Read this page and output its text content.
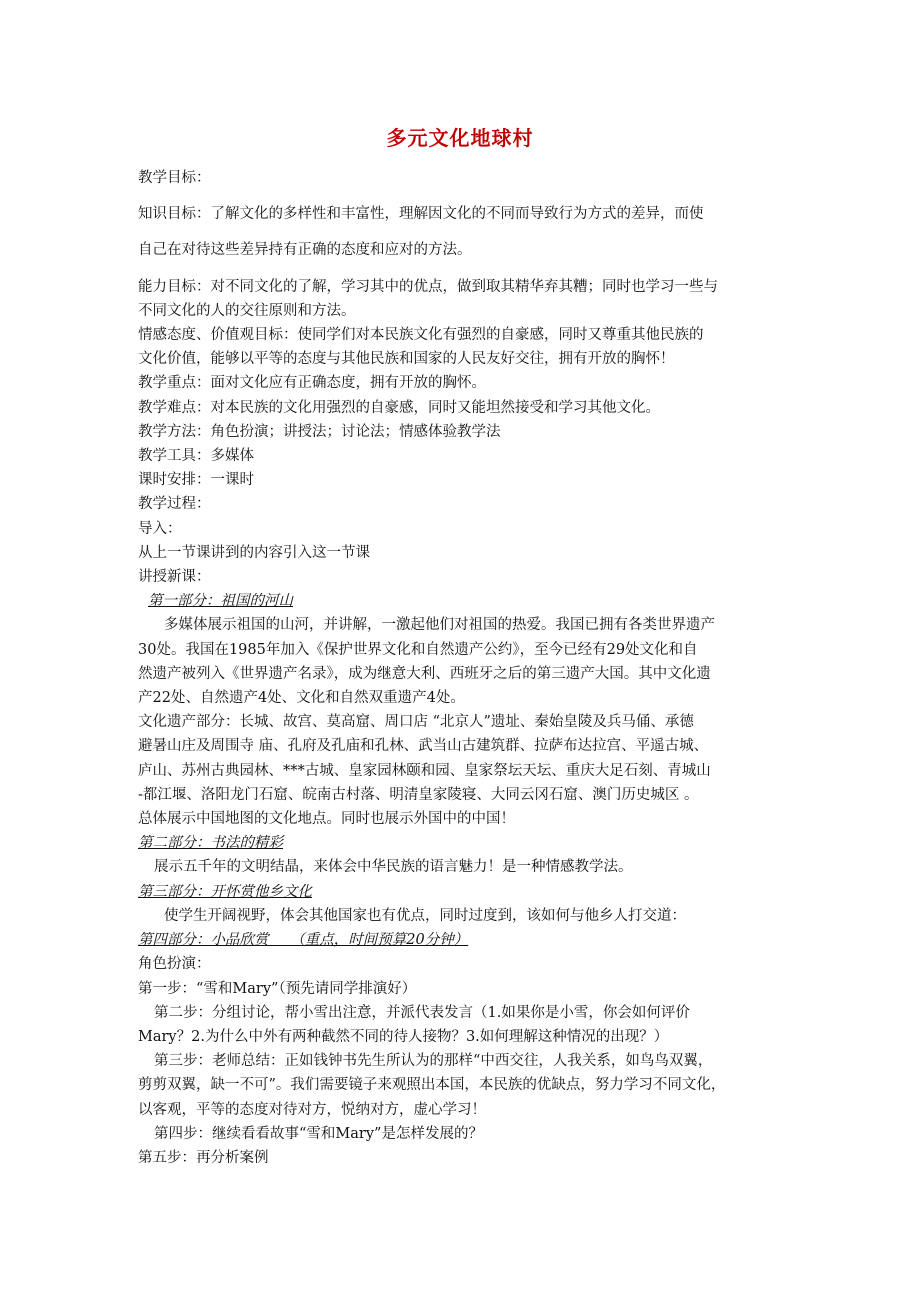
多元文化地球村

教学目标：

知识目标：了解文化的多样性和丰富性，理解因文化的不同而导致行为方式的差异，而使

自己在对待这些差异持有正确的态度和应对的方法。

能力目标：对不同文化的了解，学习其中的优点，做到取其精华弃其糟；同时也学习一些与

不同文化的人的交往原则和方法。

情感态度、价值观目标：使同学们对本民族文化有强烈的自豪感，同时又尊重其他民族的

文化价值，能够以平等的态度与其他民族和国家的人民友好交往，拥有开放的胸怀！

教学重点：面对文化应有正确态度，拥有开放的胸怀。

教学难点：对本民族的文化用强烈的自豪感，同时又能坦然接受和学习其他文化。

教学方法：角色扮演；讲授法；讨论法；情感体验教学法

教学工具：多媒体

课时安排：一课时

教学过程：

导入：

从上一节课讲到的内容引入这一节课

讲授新课：

第一部分：祖国的河山

多媒体展示祖国的山河，并讲解，一激起他们对祖国的热爱。我国已拥有各类世界遗产

30处。我国在1985年加入《保护世界文化和自然遗产公约》，至今已经有29处文化和自

然遗产被列入《世界遗产名录》，成为继意大利、西班牙之后的第三遗产大国。其中文化遗

产22处、自然遗产4处、文化和自然双重遗产4处。

文化遗产部分：长城、故宫、莫高窟、周口店 “北京人”遗址、秦始皇陵及兵马俑、承德

避暑山庄及周围寺 庙、孔府及孔庙和孔林、武当山古建筑群、拉萨布达拉宫、平遥古城、

庐山、苏州古典园林、***古城、皇家园林颐和园、皇家祭坛天坛、重庆大足石刻、青城山

-都江堰、洛阳龙门石窟、皖南古村落、明清皇家陵寝、大同云冈石窟、澳门历史城区 。

总体展示中国地图的文化地点。同时也展示外国中的中国！

第二部分：书法的精彩

展示五千年的文明结晶，来体会中华民族的语言魅力！是一种情感教学法。

第三部分：开怀赏他乡文化

使学生开阔视野，体会其他国家也有优点，同时过度到，该如何与他乡人打交道：

第四部分：小品欣赏　　（重点，时间预算20分钟）

角色扮演：

第一步：“雪和Mary”（预先请同学排演好）

第二步：分组讨论，帮小雪出注意，并派代表发言（1.如果你是小雪，你会如何评价

Mary？2.为什么中外有两种截然不同的待人接物？3.如何理解这种情况的出现？）

第三步：老师总结：正如钱钟书先生所认为的那样“中西交往，人我关系，如鸟鸟双翼，

剪剪双翼，缺一不可”。我们需要镜子来观照出本国，本民族的优缺点，努力学习不同文化，

以客观，平等的态度对待对方，悦纳对方，虚心学习！

第四步：继续看看故事“雪和Mary”是怎样发展的？

第五步：再分析案例
